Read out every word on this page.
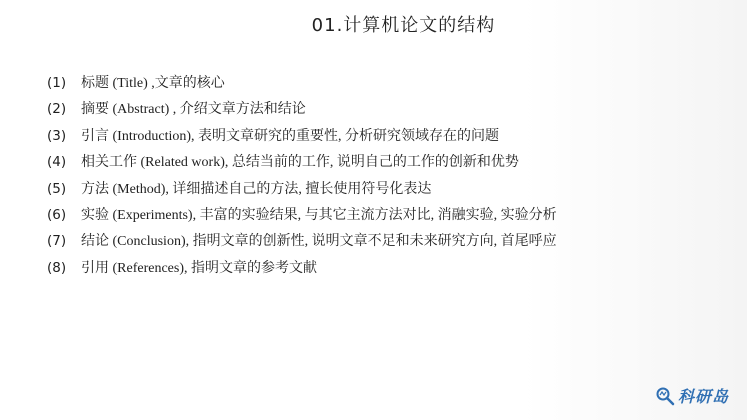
01.计算机论文的结构
(1) 标题 (Title) ,文章的核心
(2) 摘要 (Abstract) , 介绍文章方法和结论
(3) 引言 (Introduction), 表明文章研究的重要性, 分析研究领域存在的问题
(4) 相关工作 (Related work), 总结当前的工作, 说明自己的工作的创新和优势
(5) 方法 (Method), 详细描述自己的方法, 擅长使用符号化表达
(6) 实验 (Experiments), 丰富的实验结果, 与其它主流方法对比, 消融实验, 实验分析
(7) 结论 (Conclusion), 指明文章的创新性, 说明文章不足和未来研究方向, 首尾呼应
(8) 引用 (References), 指明文章的参考文献
科研岛
